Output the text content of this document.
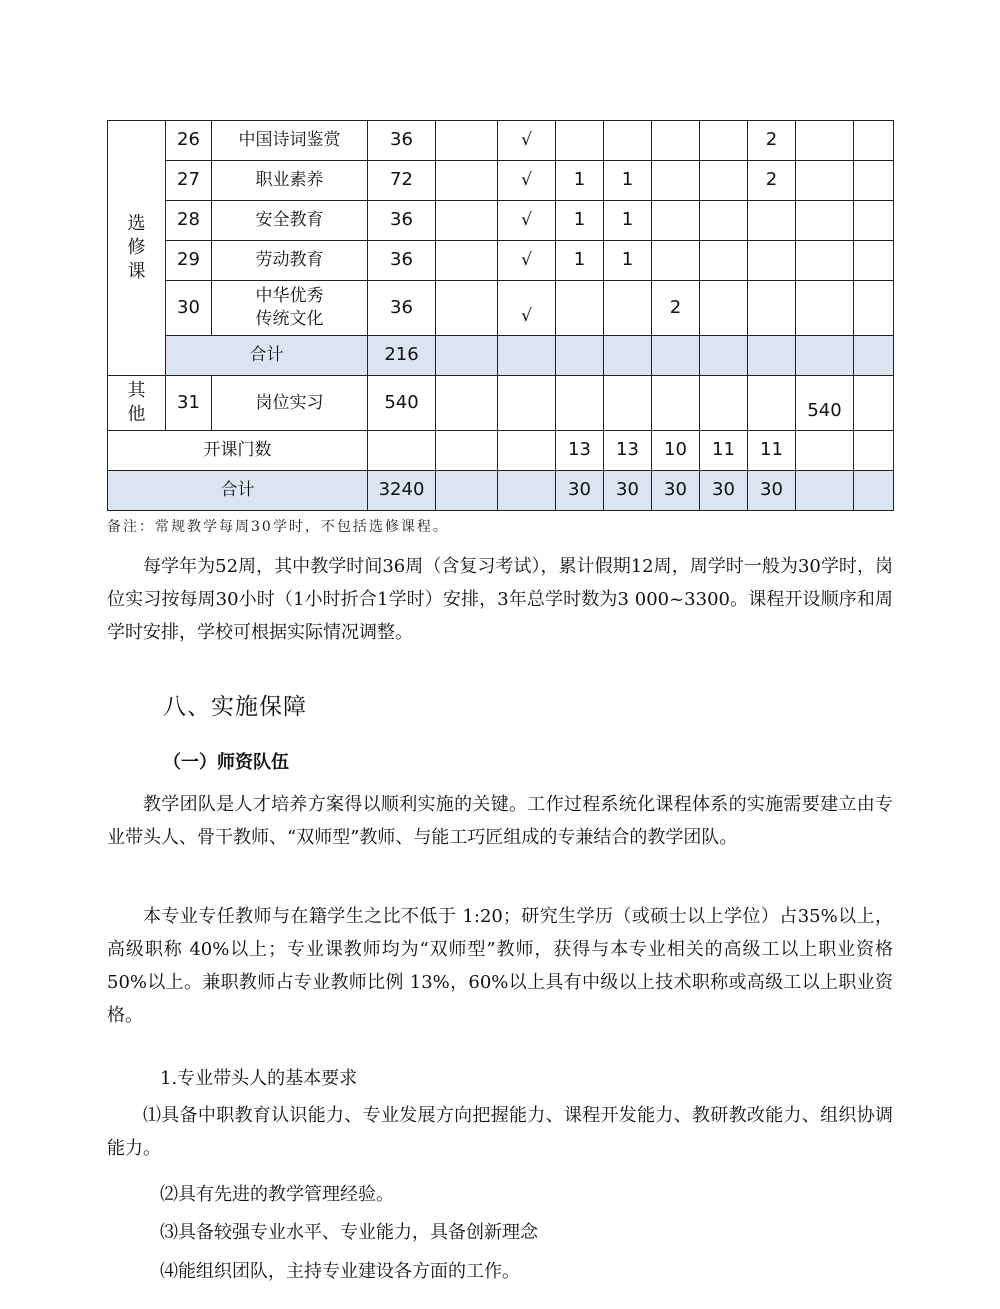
选
修
课	26	中国诗词鉴赏	36		√					2		
	27	职业素养	72		√	1	1			2		
	28	安全教育	36		√	1	1					
	29	劳动教育	36		√	1	1					
	30	中华优秀
传统文化	36		√			2				
	合计		216									

其
他	31	岗位实习	540								540	
开课门数						13	13	10	11	11		
合计			3240			30	30	30	30	30		
备注：常规教学每周30学时，不包括选修课程。

每学年为52周，其中教学时间36周（含复习考试），累计假期12周，周学时一般为30学时，岗位实习按每周30小时（1小时折合1学时）安排，3年总学时数为3 000~3300。课程开设顺序和周学时安排，学校可根据实际情况调整。

八、实施保障
（一）师资队伍

教学团队是人才培养方案得以顺利实施的关键。工作过程系统化课程体系的实施需要建立由专业带头人、骨干教师、“双师型”教师、与能工巧匠组成的专兼结合的教学团队。

本专业专任教师与在籍学生之比不低于 1:20；研究生学历（或硕士以上学位）占35%以上，高级职称 40%以上；专业课教师均为“双师型”教师，获得与本专业相关的高级工以上职业资格 50%以上。兼职教师占专业教师比例 13%，60%以上具有中级以上技术职称或高级工以上职业资格。

1.专业带头人的基本要求

⑴具备中职教育认识能力、专业发展方向把握能力、课程开发能力、教研教改能力、组织协调能力。

⑵具有先进的教学管理经验。

⑶具备较强专业水平、专业能力，具备创新理念

⑷能组织团队，主持专业建设各方面的工作。
